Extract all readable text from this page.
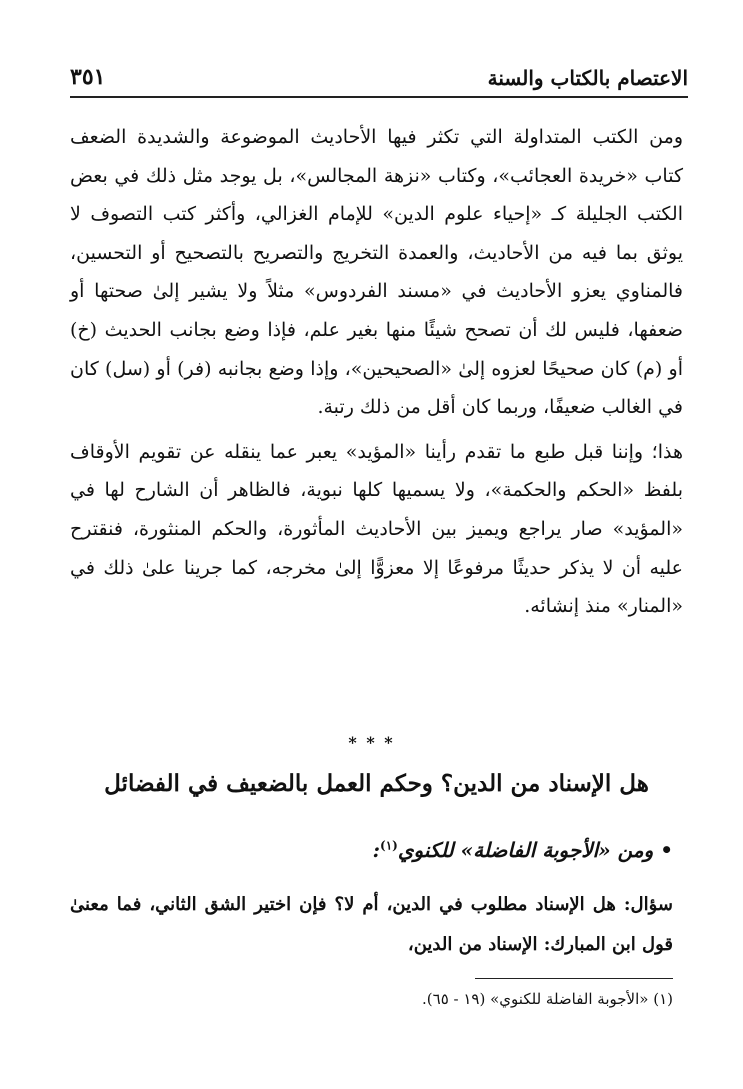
الاعتصام بالكتاب والسنة
٣٥١

ومن الكتب المتداولة التي تكثر فيها الأحاديث الموضوعة والشديدة الضعف كتاب «خريدة العجائب»، وكتاب «نزهة المجالس»، بل يوجد مثل ذلك في بعض الكتب الجليلة كـ «إحياء علوم الدين» للإمام الغزالي، وأكثر كتب التصوف لا يوثق بما فيه من الأحاديث، والعمدة التخريج والتصريح بالتصحيح أو التحسين، فالمناوي يعزو الأحاديث في «مسند الفردوس» مثلاً ولا يشير إلىٰ صحتها أو ضعفها، فليس لك أن تصحح شيئًا منها بغير علم، فإذا وضع بجانب الحديث (خ) أو (م) كان صحيحًا لعزوه إلىٰ «الصحيحين»، وإذا وضع بجانبه (فر) أو (سل) كان في الغالب ضعيفًا، وربما كان أقل من ذلك رتبة.

هذا؛ وإننا قبل طبع ما تقدم رأينا «المؤيد» يعبر عما ينقله عن تقويم الأوقاف بلفظ «الحكم والحكمة»، ولا يسميها كلها نبوية، فالظاهر أن الشارح لها في «المؤيد» صار يراجع ويميز بين الأحاديث المأثورة، والحكم المنثورة، فنقترح عليه أن لا يذكر حديثًا مرفوعًا إلا معزوًّا إلىٰ مخرجه، كما جرينا علىٰ ذلك في «المنار» منذ إنشائه.

* * *
هل الإسناد من الدين؟ وحكم العمل بالضعيف في الفضائل
• ومن «الأجوبة الفاضلة» للكنوي$^{(١)}$:

سؤال: هل الإسناد مطلوب في الدين، أم لا؟ فإن اختير الشق الثاني، فما معنىٰ قول ابن المبارك: الإسناد من الدين،

(١) «الأجوبة الفاضلة للكنوي» (١٩ - ٦٥).
